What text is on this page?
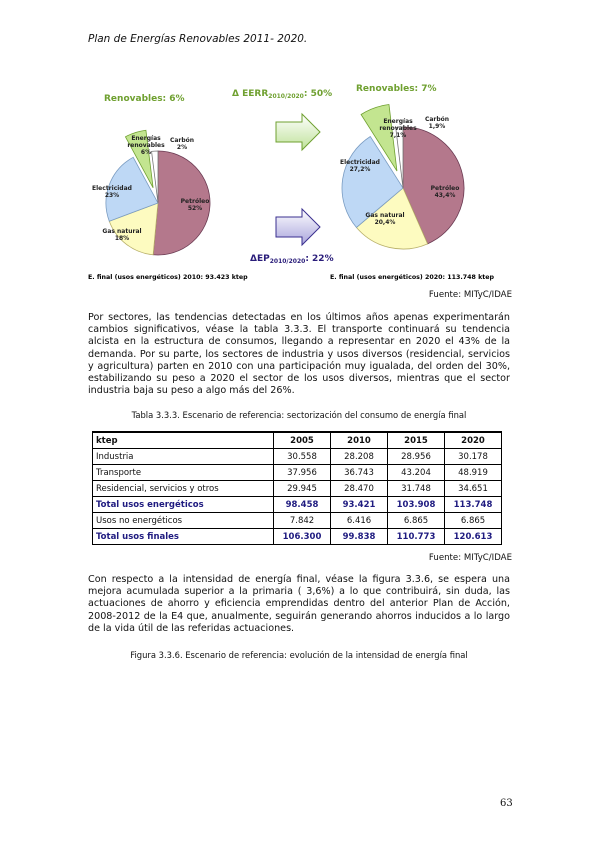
Plan de Energías Renovables 2011- 2020.
Petróleo 52%
Gas natural 18%
Electricidad 23%
Energías renovables 6%
Carbón 2%
Petróleo 43,4%
Gas natural 20,4%
Electricidad 27,2%
Energías renovables 7,1%
Carbón 1,9%
Renovables: 6%
Renovables: 7%
Δ $EERR_{2010/2020}$: 50%
$\Delta EP_{2010/2020}$: 22%
E. final (usos energéticos) 2010: 93.423 ktep	E. final (usos energéticos) 2020: 113.748 ktep
Fuente: MITyC/IDAE
Por sectores, las tendencias detectadas en los últimos años apenas experimentarán cambios significativos, véase la tabla 3.3.3. El transporte continuará su tendencia alcista en la estructura de consumos, llegando a representar en 2020 el 43% de la demanda. Por su parte, los sectores de industria y usos diversos (residencial, servicios y agricultura) parten en 2010 con una participación muy igualada, del orden del 30%, estabilizando su peso a 2020 el sector de los usos diversos, mientras que el sector industria baja su peso a algo más del 26%.
Tabla 3.3.3. Escenario de referencia: sectorización del consumo de energía final
ktep	2005	2010	2015	2020
Industria	30.558	28.208	28.956	30.178
Transporte	37.956	36.743	43.204	48.919
Residencial, servicios y otros	29.945	28.470	31.748	34.651
Total usos energéticos	98.458	93.421	103.908	113.748
Usos no energéticos	7.842	6.416	6.865	6.865
Total usos finales	106.300	99.838	110.773	120.613
Fuente: MITyC/IDAE
Con respecto a la intensidad de energía final, véase la figura 3.3.6, se espera una mejora acumulada superior a la primaria ( 3,6%) a lo que contribuirá, sin duda, las actuaciones de ahorro y eficiencia emprendidas dentro del anterior Plan de Acción, 2008-2012 de la E4 que, anualmente, seguirán generando ahorros inducidos a lo largo de la vida útil de las referidas actuaciones.
Figura 3.3.6. Escenario de referencia: evolución de la intensidad de energía final
63
